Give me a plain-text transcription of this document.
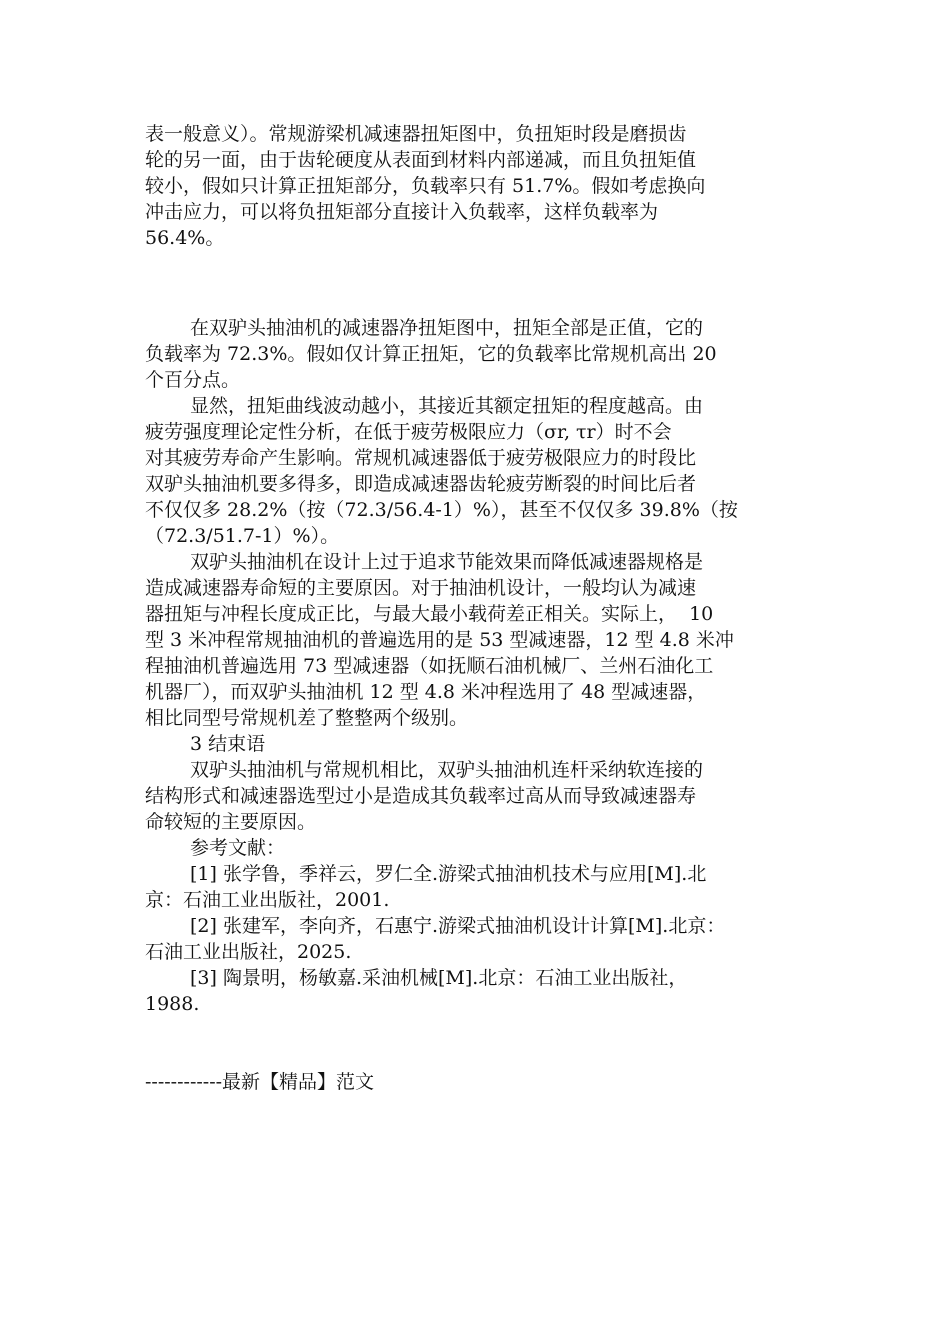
表一般意义）。常规游梁机减速器扭矩图中，负扭矩时段是磨损齿
轮的另一面，由于齿轮硬度从表面到材料内部递减，而且负扭矩值
较小，假如只计算正扭矩部分，负载率只有 51.7%。假如考虑换向
冲击应力，可以将负扭矩部分直接计入负载率，这样负载率为
56.4%。
在双驴头抽油机的减速器净扭矩图中，扭矩全部是正值，它的
负载率为 72.3%。假如仅计算正扭矩，它的负载率比常规机高出 20
个百分点。
显然，扭矩曲线波动越小，其接近其额定扭矩的程度越高。由
疲劳强度理论定性分析，在低于疲劳极限应力（σr, τr）时不会
对其疲劳寿命产生影响。常规机减速器低于疲劳极限应力的时段比
双驴头抽油机要多得多，即造成减速器齿轮疲劳断裂的时间比后者
不仅仅多 28.2%（按（72.3/56.4-1）%），甚至不仅仅多 39.8%（按
（72.3/51.7-1）%）。
双驴头抽油机在设计上过于追求节能效果而降低减速器规格是
造成减速器寿命短的主要原因。对于抽油机设计，一般均认为减速
器扭矩与冲程长度成正比，与最大最小载荷差正相关。实际上，  10
型 3 米冲程常规抽油机的普遍选用的是 53 型减速器，12 型 4.8 米冲
程抽油机普遍选用 73 型减速器（如抚顺石油机械厂、兰州石油化工
机器厂），而双驴头抽油机 12 型 4.8 米冲程选用了 48 型减速器，
相比同型号常规机差了整整两个级别。
3 结束语
双驴头抽油机与常规机相比，双驴头抽油机连杆采纳软连接的
结构形式和减速器选型过小是造成其负载率过高从而导致减速器寿
命较短的主要原因。
参考文献：
[1] 张学鲁，季祥云，罗仁全.游梁式抽油机技术与应用[M].北
京：石油工业出版社，2001.
[2] 张建军，李向齐，石惠宁.游梁式抽油机设计计算[M].北京：
石油工业出版社，2025.
[3] 陶景明，杨敏嘉.采油机械[M].北京：石油工业出版社，
1988.
------------最新【精品】范文
